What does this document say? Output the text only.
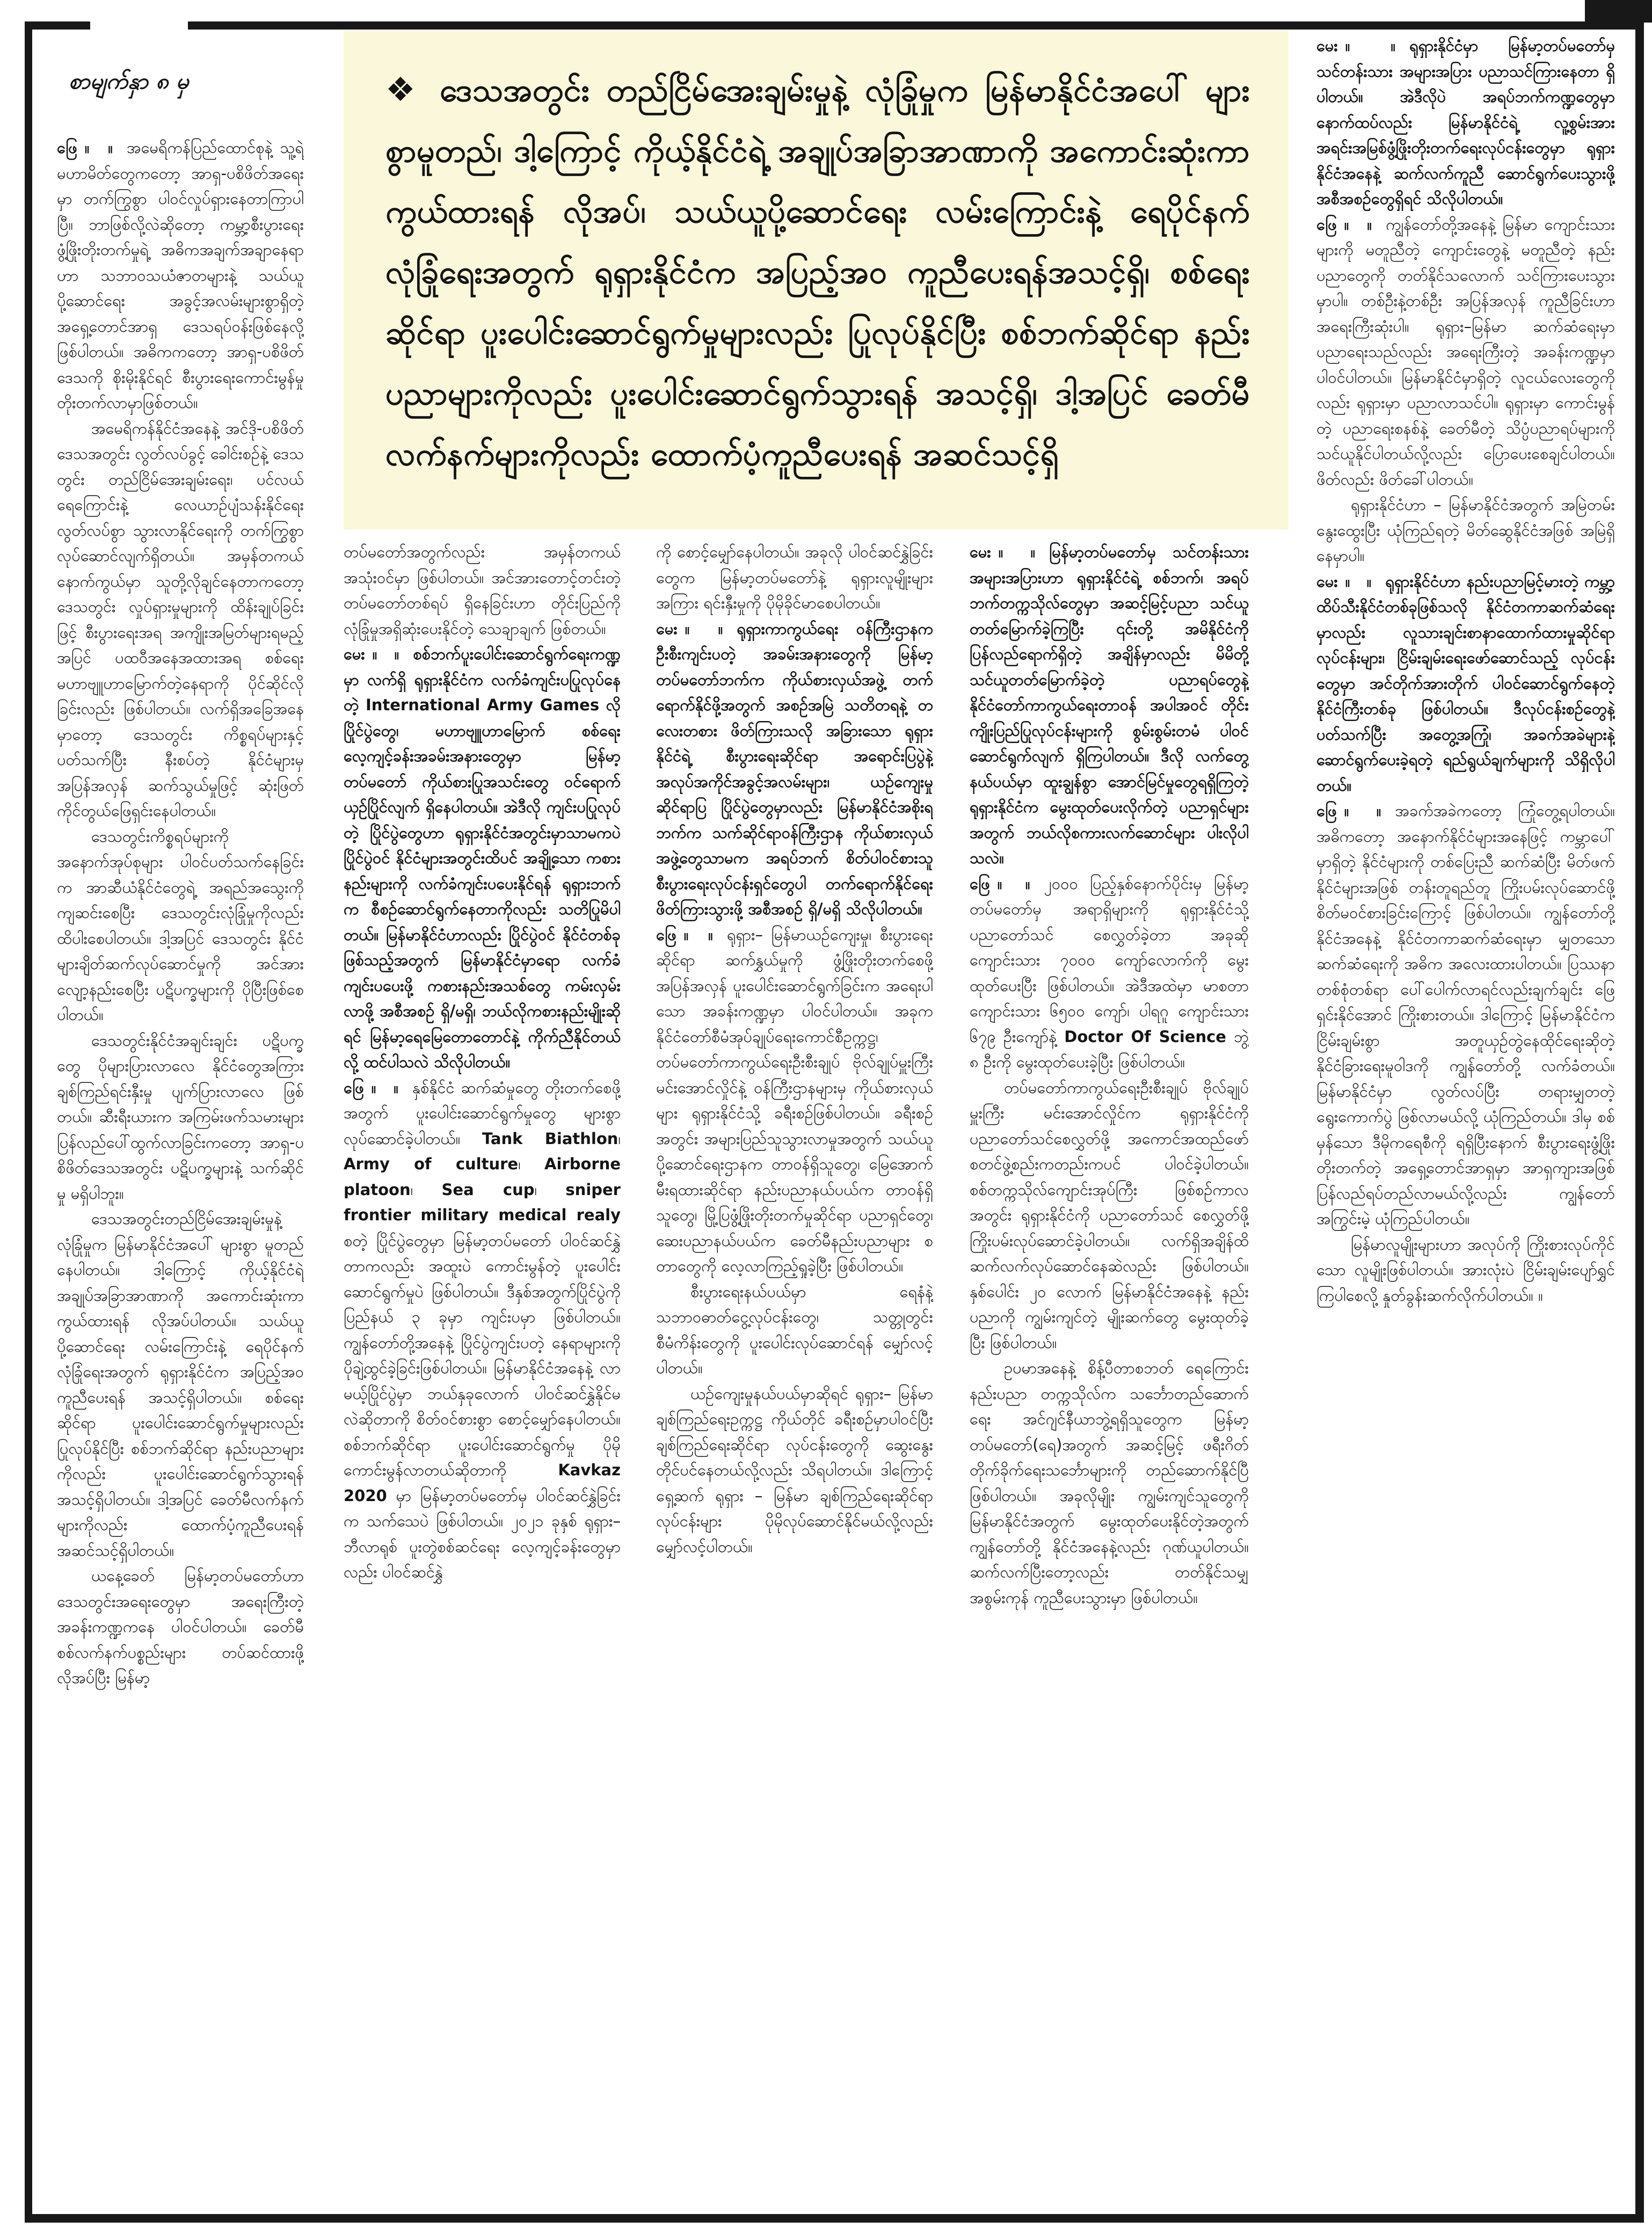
စာမျက်နှာ ၈ မှ	❖ ဒေသအတွင်း တည်ငြိမ်အေးချမ်းမှုနဲ့ လုံခြုံမှုက မြန်မာနိုင်ငံအပေါ် များစွာမူတည်၊ ဒါ့ကြောင့် ကိုယ့်နိုင်ငံရဲ့ အချုပ်အခြာအာဏာကို အကောင်းဆုံးကာကွယ်ထားရန် လိုအပ်၊ သယ်ယူပို့ဆောင်ရေး လမ်းကြောင်းနဲ့ ရေပိုင်နက်လုံခြုံရေးအတွက် ရုရှားနိုင်ငံက အပြည့်အဝ ကူညီပေးရန်အသင့်ရှိ၊ စစ်ရေးဆိုင်ရာ ပူးပေါင်းဆောင်ရွက်မှုများလည်း ပြုလုပ်နိုင်ပြီး စစ်ဘက်ဆိုင်ရာ နည်းပညာများကိုလည်း ပူးပေါင်းဆောင်ရွက်သွားရန် အသင့်ရှိ၊ ဒါ့အပြင် ခေတ်မီလက်နက်များကိုလည်း ထောက်ပံ့ကူညီပေးရန် အဆင်သင့်ရှိ

ဖြေ ။ ။ အမေရိကန်ပြည်ထောင်စုနဲ့ သူ့ရဲ့ မဟာမိတ်တွေကတော့ အာရှ-ပစိဖိတ်အရေးမှာ တက်ကြွစွာ ပါဝင်လှုပ်ရှားနေတာကြာပါပြီ။ ဘာဖြစ်လို့လဲဆိုတော့ ကမ္ဘာ့စီးပွားရေး ဖွံ့ဖြိုးတိုးတက်မှုရဲ့ အဓိကအချက်အချာနေရာဟာ သဘာဝသယံဇာတများနဲ့ သယ်ယူပို့ဆောင်ရေး အခွင့်အလမ်းများစွာရှိတဲ့ အရှေ့တောင်အာရှ ဒေသရပ်ဝန်းဖြစ်နေလို့ ဖြစ်ပါတယ်။ အဓိကကတော့ အာရှ-ပစိဖိတ်ဒေသကို စိုးမိုးနိုင်ရင် စီးပွားရေးကောင်းမွန်မှု တိုးတက်လာမှာဖြစ်တယ်။

အမေရိကန်နိုင်ငံအနေနဲ့ အင်ဒို-ပစိဖိတ်ဒေသအတွင်း လွတ်လပ်ခွင့် ခေါင်းစဉ်နဲ့ ဒေသတွင်း တည်ငြိမ်အေးချမ်းရေး၊ ပင်လယ်ရေကြောင်းနဲ့ လေယာဉ်ပျံသန်းနိုင်ရေး လွတ်လပ်စွာ သွားလာနိုင်ရေးကို တက်ကြွစွာ လုပ်ဆောင်လျက်ရှိတယ်။ အမှန်တကယ် နောက်ကွယ်မှာ သူတို့လိုချင်နေတာကတော့ ဒေသတွင်း လှုပ်ရှားမှုများကို ထိန်းချုပ်ခြင်းဖြင့် စီးပွားရေးအရ အကျိုးအမြတ်များရမည့်အပြင် ပထဝီအနေအထားအရ စစ်ရေးမဟာဗျူဟာမြောက်တဲ့နေရာကို ပိုင်ဆိုင်လိုခြင်းလည်း ဖြစ်ပါတယ်။ လက်ရှိအခြေအနေမှာတော့ ဒေသတွင်း ကိစ္စရပ်များနှင့် ပတ်သက်ပြီး နီးစပ်တဲ့ နိုင်ငံများမှ အပြန်အလှန် ဆက်သွယ်မှုဖြင့် ဆုံးဖြတ်ကိုင်တွယ်ဖြေရှင်းနေပါတယ်။

ဒေသတွင်းကိစ္စရပ်များကို အနောက်အုပ်စုများ ပါဝင်ပတ်သက်နေခြင်းက အာဆီယံနိုင်ငံတွေရဲ့ အရည်အသွေးကို ကျဆင်းစေပြီး ဒေသတွင်းလုံခြုံမှုကိုလည်း ထိပါးစေပါတယ်။ ဒါ့အပြင် ဒေသတွင်း နိုင်ငံများချိတ်ဆက်လုပ်ဆောင်မှုကို အင်အားလျော့နည်းစေပြီး ပဋိပက္ခများကို ပိုပြီးဖြစ်စေပါတယ်။

ဒေသတွင်းနိုင်ငံအချင်းချင်း ပဋိပက္ခတွေ ပိုများပြားလာလေ နိုင်ငံတွေအကြား ချစ်ကြည်ရင်းနှီးမှု ပျက်ပြားလာလေ ဖြစ်တယ်။ ဆီးရီးယားက အကြမ်းဖက်သမားများ ပြန်လည်ပေါ်ထွက်လာခြင်းကတော့ အာရှ-ပစိဖိတ်ဒေသအတွင်း ပဋိပက္ခများနဲ့ သက်ဆိုင်မှု မရှိပါဘူး။

ဒေသအတွင်းတည်ငြိမ်အေးချမ်းမှုနဲ့ လုံခြုံမှုက မြန်မာနိုင်ငံအပေါ် များစွာ မူတည်နေပါတယ်။ ဒါ့ကြောင့် ကိုယ့်နိုင်ငံရဲ့ အချုပ်အခြာအာဏာကို အကောင်းဆုံးကာကွယ်ထားရန် လိုအပ်ပါတယ်။ သယ်ယူပို့ဆောင်ရေး လမ်းကြောင်းနဲ့ ရေပိုင်နက်လုံခြုံရေးအတွက် ရုရှားနိုင်ငံက အပြည့်အဝကူညီပေးရန် အသင့်ရှိပါတယ်။ စစ်ရေးဆိုင်ရာ ပူးပေါင်းဆောင်ရွက်မှုများလည်း ပြုလုပ်နိုင်ပြီး စစ်ဘက်ဆိုင်ရာ နည်းပညာများကိုလည်း ပူးပေါင်းဆောင်ရွက်သွားရန် အသင့်ရှိပါတယ်။ ဒါ့အပြင် ခေတ်မီလက်နက်များကိုလည်း ထောက်ပံ့ကူညီပေးရန် အဆင်သင့်ရှိပါတယ်။

ယနေ့ခေတ် မြန်မာ့တပ်မတော်ဟာ ဒေသတွင်းအရေးတွေမှာ အရေးကြီးတဲ့ အခန်းကဏ္ဍကနေ ပါဝင်ပါတယ်။ ခေတ်မီ စစ်လက်နက်ပစ္စည်းများ တပ်ဆင်ထားဖို့ လိုအပ်ပြီး မြန်မာ့

တပ်မတော်အတွက်လည်း အမှန်တကယ် အသုံးဝင်မှာ ဖြစ်ပါတယ်။ အင်အားတောင့်တင်းတဲ့ တပ်မတော်တစ်ရပ် ရှိနေခြင်းဟာ တိုင်းပြည်ကို လုံခြုံမှုအရှိဆုံးပေးနိုင်တဲ့ သေချာချက် ဖြစ်တယ်။

မေး ။ ။ စစ်ဘက်ပူးပေါင်းဆောင်ရွက်ရေးကဏ္ဍမှာ လက်ရှိ ရုရှားနိုင်ငံက လက်ခံကျင်းပပြုလုပ်နေတဲ့ International Army Games လို ပြိုင်ပွဲတွေ၊ မဟာဗျူဟာမြောက် စစ်ရေးလေ့ကျင့်ခန်းအခမ်းအနားတွေမှာ မြန်မာ့တပ်မတော် ကိုယ်စားပြုအသင်းတွေ ဝင်ရောက်ယှဉ်ပြိုင်လျက် ရှိနေပါတယ်။ အဲဒီလို ကျင်းပပြုလုပ်တဲ့ ပြိုင်ပွဲတွေဟာ ရုရှားနိုင်ငံအတွင်းမှာသာမကပဲ ပြိုင်ပွဲဝင် နိုင်ငံများအတွင်းထိပင် အချို့သော ကစားနည်းများကို လက်ခံကျင်းပပေးနိုင်ရန် ရုရှားဘက်က စီစဉ်ဆောင်ရွက်နေတာကိုလည်း သတိပြုမိပါတယ်။ မြန်မာနိုင်ငံဟာလည်း ပြိုင်ပွဲဝင် နိုင်ငံတစ်ခုဖြစ်သည့်အတွက် မြန်မာနိုင်ငံမှာရော လက်ခံကျင်းပပေးဖို့ ကစားနည်းအသစ်တွေ ကမ်းလှမ်းလာဖို့ အစီအစဉ် ရှိ/မရှိ၊ ဘယ်လိုကစားနည်းမျိုးဆိုရင် မြန်မာ့ရေမြေတောတောင်နဲ့ ကိုက်ညီနိုင်တယ်လို့ ထင်ပါသလဲ သိလိုပါတယ်။

ဖြေ ။ ။ နှစ်နိုင်ငံ ဆက်ဆံမှုတွေ တိုးတက်စေဖို့အတွက် ပူးပေါင်းဆောင်ရွက်မှုတွေ များစွာ လုပ်ဆောင်ခဲ့ပါတယ်။ Tank Biathlon၊ Army of culture၊ Airborne platoon၊ Sea cup၊ sniper frontier military medical realy စတဲ့ ပြိုင်ပွဲတွေမှာ မြန်မာ့တပ်မတော် ပါဝင်ဆင်နွှဲတာကလည်း အထူးပဲ ကောင်းမွန်တဲ့ ပူးပေါင်းဆောင်ရွက်မှုပဲ ဖြစ်ပါတယ်။ ဒီနှစ်အတွက်ပြိုင်ပွဲကို ပြည်နယ် ၃ ခုမှာ ကျင်းပမှာ ဖြစ်ပါတယ်။ ကျွန်တော်တို့အနေနဲ့ ပြိုင်ပွဲကျင်းပတဲ့ နေရာများကို ပိုချဲ့ထွင်ခဲ့ခြင်းဖြစ်ပါတယ်။ မြန်မာနိုင်ငံအနေနဲ့ လာမယ့်ပြိုင်ပွဲမှာ ဘယ်နှခုလောက် ပါဝင်ဆင်နွှဲနိုင်မလဲဆိုတာကို စိတ်ဝင်စားစွာ စောင့်မျှော်နေပါတယ်။ စစ်ဘက်ဆိုင်ရာ ပူးပေါင်းဆောင်ရွက်မှု ပိုမိုကောင်းမွန်လာတယ်ဆိုတာကို Kavkaz 2020 မှာ မြန်မာ့တပ်မတော်မှ ပါဝင်ဆင်နွှဲခြင်းက သက်သေပဲ ဖြစ်ပါတယ်။ ၂၀၂၁ ခုနှစ် ရုရှား– ဘီလာရုစ် ပူးတွဲစစ်ဆင်ရေး လေ့ကျင့်ခန်းတွေမှာလည်း ပါဝင်ဆင်နွှဲ

ကို စောင့်မျှော်နေပါတယ်။ အခုလို ပါဝင်ဆင်နွှဲခြင်းတွေက မြန်မာ့တပ်မတော်နဲ့ ရုရှားလူမျိုးများအကြား ရင်းနှီးမှုကို ပိုမိုခိုင်မာစေပါတယ်။

မေး ။ ။ ရုရှားကာကွယ်ရေး ဝန်ကြီးဌာနက ဦးစီးကျင်းပတဲ့ အခမ်းအနားတွေကို မြန်မာ့တပ်မတော်ဘက်က ကိုယ်စားလှယ်အဖွဲ့ တက်ရောက်နိုင်ဖို့အတွက် အစဉ်အမြဲ သတိတရနဲ့ တလေးတစား ဖိတ်ကြားသလို အခြားသော ရုရှားနိုင်ငံရဲ့ စီးပွားရေးဆိုင်ရာ အရောင်းပြပွဲနဲ့ အလုပ်အကိုင်အခွင့်အလမ်းများ၊ ယဉ်ကျေးမှုဆိုင်ရာပြ ပြိုင်ပွဲတွေမှာလည်း မြန်မာနိုင်ငံအစိုးရဘက်က သက်ဆိုင်ရာဝန်ကြီးဌာန ကိုယ်စားလှယ်အဖွဲ့တွေသာမက အရပ်ဘက် စိတ်ပါဝင်စားသူ စီးပွားရေးလုပ်ငန်းရှင်တွေပါ တက်ရောက်နိုင်ရေး ဖိတ်ကြားသွားဖို့ အစီအစဉ် ရှိ/မရှိ သိလိုပါတယ်။

ဖြေ ။ ။ ရုရှား– မြန်မာယဉ်ကျေးမှု၊ စီးပွားရေးဆိုင်ရာ ဆက်နွှယ်မှုကို ဖွံ့ဖြိုးတိုးတက်စေဖို့ အပြန်အလှန် ပူးပေါင်းဆောင်ရွက်ခြင်းက အရေးပါသော အခန်းကဏ္ဍမှာ ပါဝင်ပါတယ်။ အခုက နိုင်ငံတော်စီမံအုပ်ချုပ်ရေးကောင်စီဥက္ကဋ္ဌ၊ တပ်မတော်ကာကွယ်ရေးဦးစီးချုပ် ဗိုလ်ချုပ်မှူးကြီး မင်းအောင်လှိုင်နဲ့ ဝန်ကြီးဌာနများမှ ကိုယ်စားလှယ်များ ရုရှားနိုင်ငံသို့ ခရီးစဉ်ဖြစ်ပါတယ်။ ခရီးစဉ်အတွင်း အများပြည်သူသွားလာမှုအတွက် သယ်ယူပို့ဆောင်ရေးဌာနက တာဝန်ရှိသူတွေ၊ မြေအောက်မီးရထားဆိုင်ရာ နည်းပညာနယ်ပယ်က တာဝန်ရှိသူတွေ၊ မြို့ပြဖွံ့ဖြိုးတိုးတက်မှုဆိုင်ရာ ပညာရှင်တွေ၊ ဆေးပညာနယ်ပယ်က ခေတ်မီနည်းပညာများ စတာတွေကို လေ့လာကြည့်ရှုခဲ့ပြီး ဖြစ်ပါတယ်။

စီးပွားရေးနယ်ပယ်မှာ ရေနံနဲ့ သဘာဝဓာတ်ငွေ့လုပ်ငန်းတွေ၊ သတ္တုတွင်း စီမံကိန်းတွေကို ပူးပေါင်းလုပ်ဆောင်ရန် မျှော်လင့်ပါတယ်။

ယဉ်ကျေးမှုနယ်ပယ်မှာဆိုရင် ရုရှား– မြန်မာ ချစ်ကြည်ရေးဥက္ကဋ္ဌ ကိုယ်တိုင် ခရီးစဉ်မှာပါဝင်ပြီး ချစ်ကြည်ရေးဆိုင်ရာ လုပ်ငန်းတွေကို ဆွေးနွေးတိုင်ပင်နေတယ်လို့လည်း သိရပါတယ်။ ဒါကြောင့် ရှေ့ဆက် ရုရှား – မြန်မာ ချစ်ကြည်ရေးဆိုင်ရာလုပ်ငန်းများ ပိုမိုလုပ်ဆောင်နိုင်မယ်လို့လည်း မျှော်လင့်ပါတယ်။

မေး ။ ။ မြန်မာ့တပ်မတော်မှ သင်တန်းသား အများအပြားဟာ ရုရှားနိုင်ငံရဲ့ စစ်ဘက်၊ အရပ်ဘက်တက္ကသိုလ်တွေမှာ အဆင့်မြင့်ပညာ သင်ယူတတ်မြောက်ခဲ့ကြပြီး ၎င်းတို့ အမိနိုင်ငံကို ပြန်လည်ရောက်ရှိတဲ့ အချိန်မှာလည်း မိမိတို့ သင်ယူတတ်မြောက်ခဲ့တဲ့ ပညာရပ်တွေနဲ့ နိုင်ငံတော်ကာကွယ်ရေးတာဝန် အပါအဝင် တိုင်းကျိုးပြည်ပြုလုပ်ငန်းများကို စွမ်းစွမ်းတမံ ပါဝင်ဆောင်ရွက်လျက် ရှိကြပါတယ်။ ဒီလို လက်တွေ့နယ်ပယ်မှာ ထူးချွန်စွာ အောင်မြင်မှုတွေရရှိကြတဲ့ ရုရှားနိုင်ငံက မွေးထုတ်ပေးလိုက်တဲ့ ပညာရှင်များအတွက် ဘယ်လိုစကားလက်ဆောင်များ ပါးလိုပါသလဲ။

ဖြေ ။ ။ ၂၀၀၀ ပြည့်နှစ်နောက်ပိုင်းမှ မြန်မာ့တပ်မတော်မှ အရာရှိများကို ရုရှားနိုင်ငံသို့ ပညာတော်သင် စေလွှတ်ခဲ့တာ အခုဆို ကျောင်းသား ၇၀၀၀ ကျော်လောက်ကို မွေးထုတ်ပေးပြီး ဖြစ်ပါတယ်။ အဲဒီအထဲမှာ မာစတာ ကျောင်းသား ၆၅၀၀ ကျော်၊ ပါရဂူ ကျောင်းသား ၆၇၉ ဦးကျော်နဲ့ Doctor Of Science ဘွဲ့ ၈ ဦးကို မွေးထုတ်ပေးခဲ့ပြီး ဖြစ်ပါတယ်။

တပ်မတော်ကာကွယ်ရေးဦးစီးချုပ် ဗိုလ်ချုပ်မှူးကြီး မင်းအောင်လှိုင်က ရုရှားနိုင်ငံကို ပညာတော်သင်စေလွှတ်ဖို့ အကောင်အထည်ဖော် စတင်ဖွဲ့စည်းကတည်းကပင် ပါဝင်ခဲ့ပါတယ်။ စစ်တက္ကသိုလ်ကျောင်းအုပ်ကြီး ဖြစ်စဉ်ကာလအတွင်း ရုရှားနိုင်ငံကို ပညာတော်သင် စေလွှတ်ဖို့ ကြိုးပမ်းလုပ်ဆောင်ခဲ့ပါတယ်။ လက်ရှိအချိန်ထိ ဆက်လက်လုပ်ဆောင်နေဆဲလည်း ဖြစ်ပါတယ်။ နှစ်ပေါင်း ၂၀ လောက် မြန်မာနိုင်ငံအနေနဲ့ နည်းပညာကို ကျွမ်းကျင်တဲ့ မျိုးဆက်တွေ မွေးထုတ်ခဲ့ပြီး ဖြစ်ပါတယ်။

ဥပမာအနေနဲ့ စိန့်ပီတာစဘတ် ရေကြောင်းနည်းပညာ တက္ကသိုလ်က သင်္ဘောတည်ဆောက်ရေး အင်ဂျင်နီယာဘွဲ့ရရှိသူတွေက မြန်မာ့တပ်မတော်(ရေ)အတွက် အဆင့်မြင့် ဖရီးဂိတ်တိုက်ခိုက်ရေးသင်္ဘောများကို တည်ဆောက်နိုင်ပြီ ဖြစ်ပါတယ်။ အခုလိုမျိုး ကျွမ်းကျင်သူတွေကို မြန်မာနိုင်ငံအတွက် မွေးထုတ်ပေးနိုင်တဲ့အတွက် ကျွန်တော်တို့ နိုင်ငံအနေနဲ့လည်း ဂုဏ်ယူပါတယ်။ ဆက်လက်ပြီးတော့လည်း တတ်နိုင်သမျှ အစွမ်းကုန် ကူညီပေးသွားမှာ ဖြစ်ပါတယ်။

မေး ။ ။ ရုရှားနိုင်ငံမှာ မြန်မာ့တပ်မတော်မှ သင်တန်းသား အများအပြား ပညာသင်ကြားနေတာ ရှိပါတယ်။ အဲဒီလိုပဲ အရပ်ဘက်ကဏ္ဍတွေမှာ နောက်ထပ်လည်း မြန်မာနိုင်ငံရဲ့ လူ့စွမ်းအားအရင်းအမြစ်ဖွံ့ဖြိုးတိုးတက်ရေးလုပ်ငန်းတွေမှာ ရုရှားနိုင်ငံအနေနဲ့ ဆက်လက်ကူညီ ဆောင်ရွက်ပေးသွားဖို့ အစီအစဉ်တွေရှိရင် သိလိုပါတယ်။

ဖြေ ။ ။ ကျွန်တော်တို့အနေနဲ့ မြန်မာ ကျောင်းသားများကို မတူညီတဲ့ ကျောင်းတွေနဲ့ မတူညီတဲ့ နည်းပညာတွေကို တတ်နိုင်သလောက် သင်ကြားပေးသွားမှာပါ။ တစ်ဦးနဲ့တစ်ဦး အပြန်အလှန် ကူညီခြင်းဟာ အရေးကြီးဆုံးပါ။ ရုရှား–မြန်မာ ဆက်ဆံရေးမှာ ပညာရေးသည်လည်း အရေးကြီးတဲ့ အခန်းကဏ္ဍမှာ ပါဝင်ပါတယ်။ မြန်မာနိုင်ငံမှာရှိတဲ့ လူငယ်လေးတွေကိုလည်း ရုရှားမှာ ပညာလာသင်ပါ။ ရုရှားမှာ ကောင်းမွန်တဲ့ ပညာရေးစနစ်နဲ့ ခေတ်မီတဲ့ သိပ္ပံပညာရပ်များကိုသင်ယူနိုင်ပါတယ်လို့လည်း ပြောပေးစေချင်ပါတယ်။ ဖိတ်လည်း ဖိတ်ခေါ်ပါတယ်။

ရုရှားနိုင်ငံဟာ – မြန်မာနိုင်ငံအတွက် အမြဲတမ်း နွေးထွေးပြီး ယုံကြည်ရတဲ့ မိတ်ဆွေနိုင်ငံအဖြစ် အမြဲရှိနေမှာပါ။

မေး ။ ။ ရုရှားနိုင်ငံဟာ နည်းပညာမြင့်မားတဲ့ ကမ္ဘာ့ထိပ်သီးနိုင်ငံတစ်ခုဖြစ်သလို နိုင်ငံတကာဆက်ဆံရေးမှာလည်း လူသားချင်းစာနာထောက်ထားမှုဆိုင်ရာ လုပ်ငန်းများ၊ ငြိမ်းချမ်းရေးဖော်ဆောင်သည့် လုပ်ငန်းတွေမှာ အင်တိုက်အားတိုက် ပါဝင်ဆောင်ရွက်နေတဲ့ နိုင်ငံကြီးတစ်ခု ဖြစ်ပါတယ်။ ဒီလုပ်ငန်းစဉ်တွေနဲ့ ပတ်သက်ပြီး အတွေ့အကြုံ၊ အခက်အခဲများနဲ့ ဆောင်ရွက်ပေးခဲ့ရတဲ့ ရည်ရွယ်ချက်များကို သိရှိလိုပါတယ်။

ဖြေ ။ ။ အခက်အခဲကတော့ ကြုံတွေ့ရပါတယ်။ အဓိကတော့ အနောက်နိုင်ငံများအနေဖြင့် ကမ္ဘာပေါ်မှာရှိတဲ့ နိုင်ငံများကို တစ်ပြေးညီ ဆက်ဆံပြီး မိတ်ဖက်နိုင်ငံများအဖြစ် တန်းတူရည်တူ ကြိုးပမ်းလုပ်ဆောင်ဖို့ စိတ်မဝင်စားခြင်းကြောင့် ဖြစ်ပါတယ်။ ကျွန်တော်တို့ နိုင်ငံအနေနဲ့ နိုင်ငံတကာဆက်ဆံရေးမှာ မျှတသော ဆက်ဆံရေးကို အဓိက အလေးထားပါတယ်။ ပြဿနာ တစ်စုံတစ်ရာ ပေါ်ပေါက်လာရင်လည်းချက်ချင်း ဖြေရှင်းနိုင်အောင် ကြိုးစားတယ်။ ဒါကြောင့် မြန်မာနိုင်ငံက ငြိမ်းချမ်းစွာ အတူယှဉ်တွဲနေထိုင်ရေးဆိုတဲ့ နိုင်ငံခြားရေးမူဝါဒကို ကျွန်တော်တို့ လက်ခံတယ်။ မြန်မာနိုင်ငံမှာ လွတ်လပ်ပြီး တရားမျှတတဲ့ ရွေးကောက်ပွဲ ဖြစ်လာမယ်လို့ ယုံကြည်တယ်။ ဒါမှ စစ်မှန်သော ဒီမိုကရေစီကို ရရှိပြီးနောက် စီးပွားရေးဖွံ့ဖြိုးတိုးတက်တဲ့ အရှေ့တောင်အာရှမှာ အာရှကျားအဖြစ် ပြန်လည်ရပ်တည်လာမယ်လို့လည်း ကျွန်တော် အကြွင်းမဲ့ ယုံကြည်ပါတယ်။

မြန်မာလူမျိုးများဟာ အလုပ်ကို ကြိုးစားလုပ်ကိုင်သော လူမျိုးဖြစ်ပါတယ်။ အားလုံးပဲ ငြိမ်းချမ်းပျော်ရွှင်ကြပါစေလို့ နှုတ်ခွန်းဆက်လိုက်ပါတယ်။ ။
